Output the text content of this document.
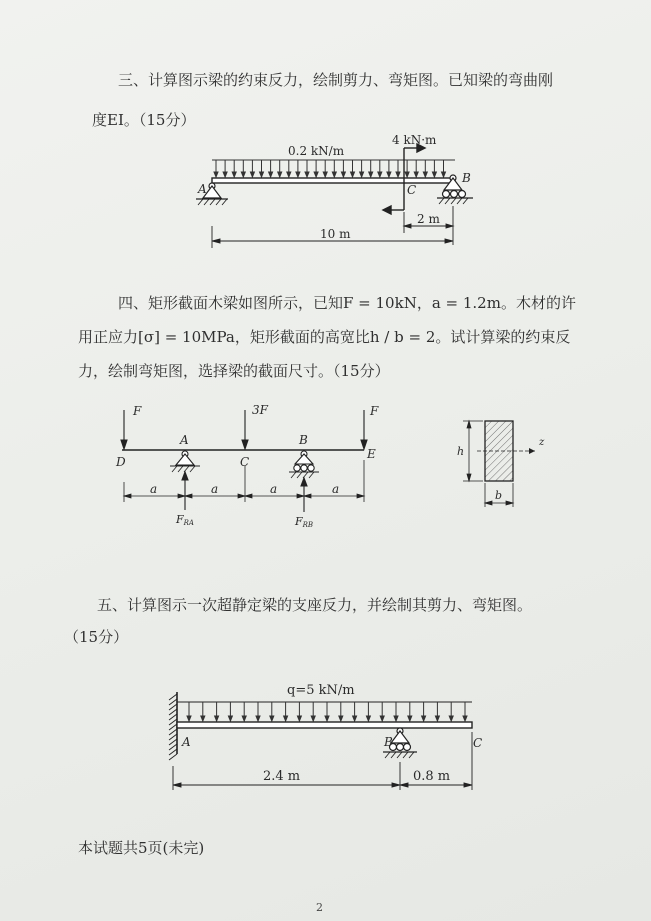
三、计算图示梁的约束反力，绘制剪力、弯矩图。已知梁的弯曲刚
度EI。（15分）
0.2 kN/m
4 kN·m
A
B
C
2 m
10 m
四、矩形截面木梁如图所示，已知F = 10kN，a = 1.2m。木材的许
用正应力[σ] = 10MPa，矩形截面的高宽比h / b = 2。试计算梁的约束反
力，绘制弯矩图，选择梁的截面尺寸。（15分）
F	3F	F
A	B
C
D
E
a	a	a	a
FRA	FRB
h
b
z
五、计算图示一次超静定梁的支座反力，并绘制其剪力、弯矩图。
（15分）
q=5 kN/m
A	B	C
2.4 m	0.8 m
本试题共5页(未完)
2
